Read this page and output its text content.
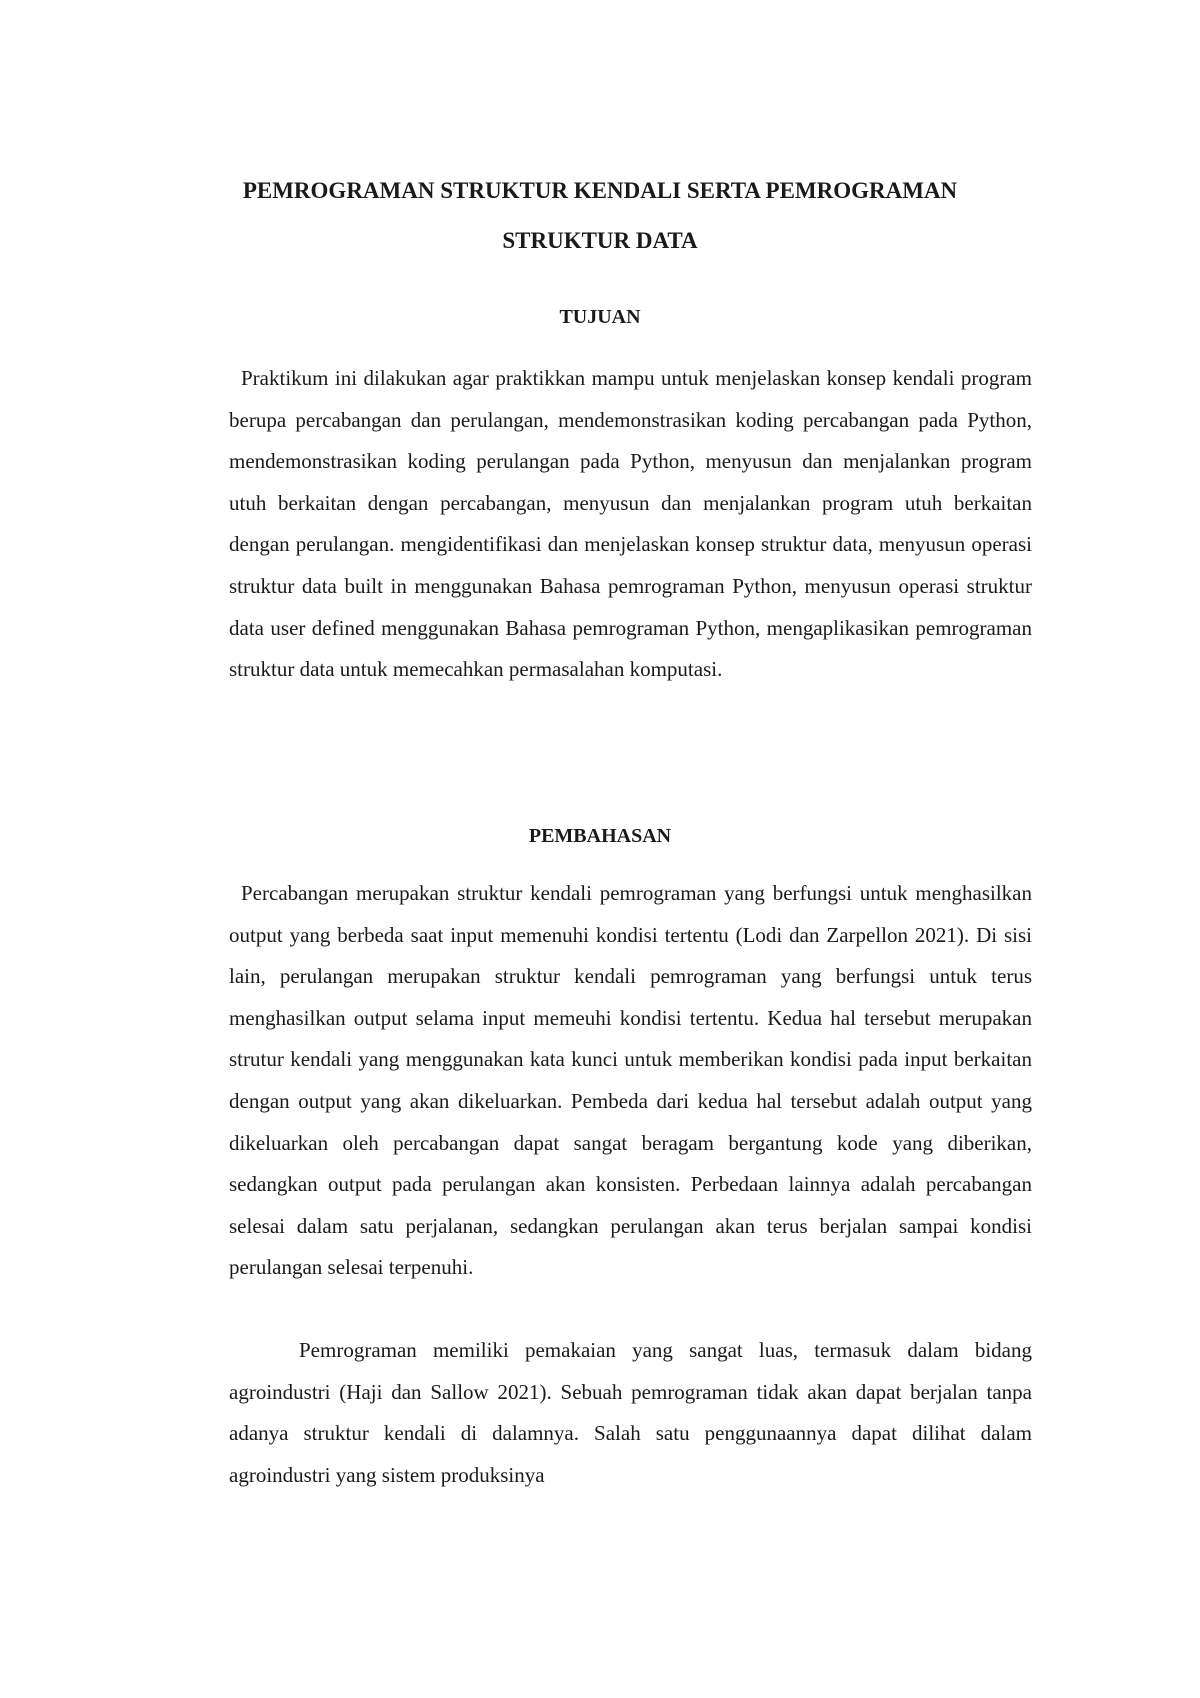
PEMROGRAMAN STRUKTUR KENDALI SERTA PEMROGRAMAN
STRUKTUR DATA
TUJUAN

Praktikum ini dilakukan agar praktikkan mampu untuk menjelaskan konsep kendali program berupa percabangan dan perulangan, mendemonstrasikan koding percabangan pada Python, mendemonstrasikan koding perulangan pada Python, menyusun dan menjalankan program utuh berkaitan dengan percabangan, menyusun dan menjalankan program utuh berkaitan dengan perulangan. mengidentifikasi dan menjelaskan konsep struktur data, menyusun operasi struktur data built in menggunakan Bahasa pemrograman Python, menyusun operasi struktur data user defined menggunakan Bahasa pemrograman Python, mengaplikasikan pemrograman struktur data untuk memecahkan permasalahan komputasi.

PEMBAHASAN

Percabangan merupakan struktur kendali pemrograman yang berfungsi untuk menghasilkan output yang berbeda saat input memenuhi kondisi tertentu (Lodi dan Zarpellon 2021). Di sisi lain, perulangan merupakan struktur kendali pemrograman yang berfungsi untuk terus menghasilkan output selama input memeuhi kondisi tertentu. Kedua hal tersebut merupakan strutur kendali yang menggunakan kata kunci untuk memberikan kondisi pada input berkaitan dengan output yang akan dikeluarkan. Pembeda dari kedua hal tersebut adalah output yang dikeluarkan oleh percabangan dapat sangat beragam bergantung kode yang diberikan, sedangkan output pada perulangan akan konsisten. Perbedaan lainnya adalah percabangan selesai dalam satu perjalanan, sedangkan perulangan akan terus berjalan sampai kondisi perulangan selesai terpenuhi.

Pemrograman memiliki pemakaian yang sangat luas, termasuk dalam bidang agroindustri (Haji dan Sallow 2021). Sebuah pemrograman tidak akan dapat berjalan tanpa adanya struktur kendali di dalamnya. Salah satu penggunaannya dapat dilihat dalam agroindustri yang sistem produksinya
